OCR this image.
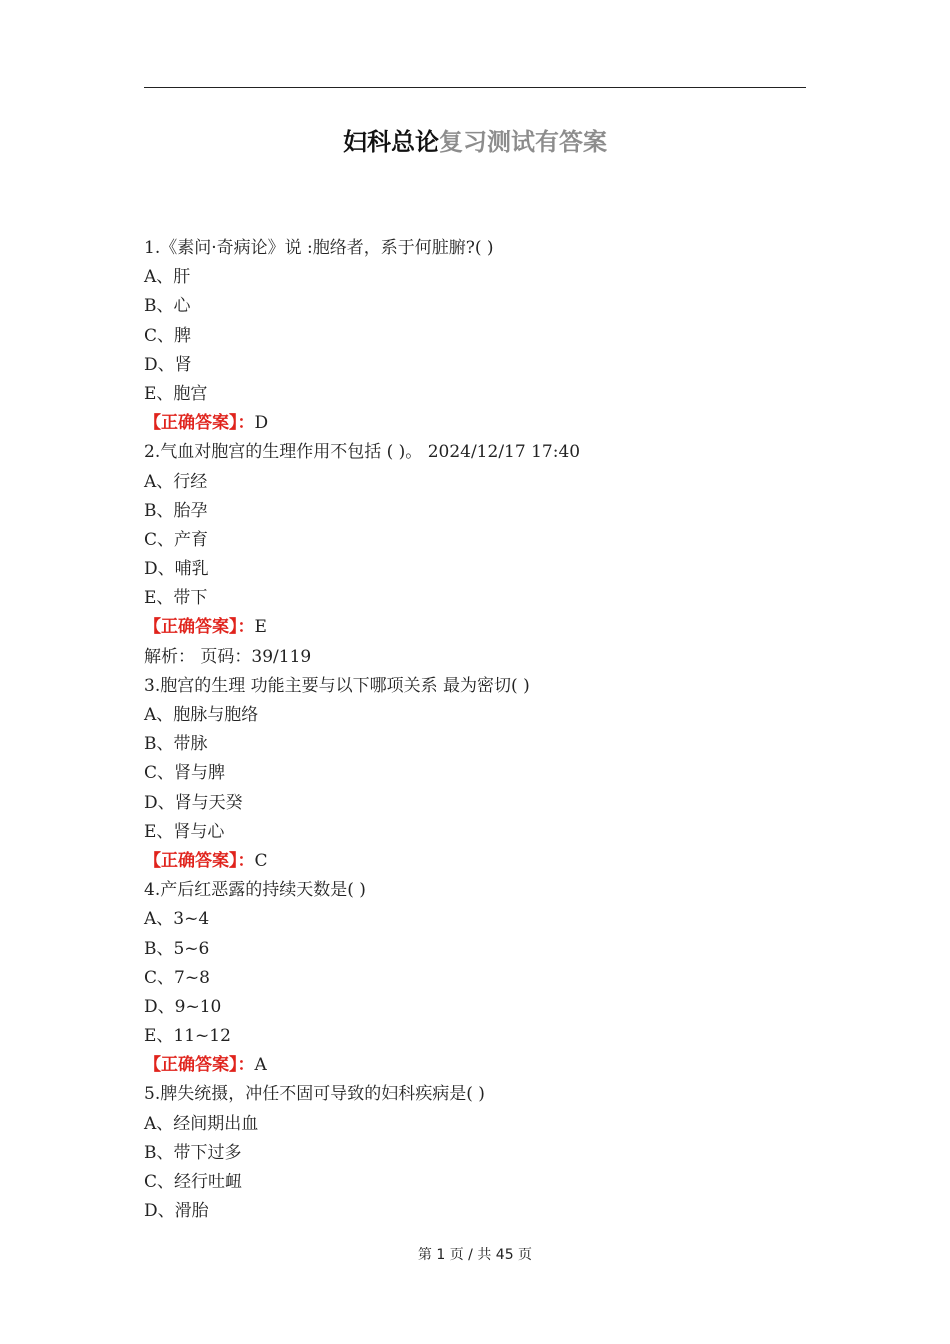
妇科总论复习测试有答案
1.《素问·奇病论》说 :胞络者，系于何脏腑?( )
A、肝
B、心
C、脾
D、肾
E、胞宫
【正确答案】：D
2.气血对胞宫的生理作用不包括 ( )。 2024/12/17 17:40
A、行经
B、胎孕
C、产育
D、哺乳
E、带下
【正确答案】：E
解析： 页码：39/119
3.胞宫的生理 功能主要与以下哪项关系 最为密切( )
A、胞脉与胞络
B、带脉
C、肾与脾
D、肾与天癸
E、肾与心
【正确答案】：C
4.产后红恶露的持续天数是( )
A、3~4
B、5~6
C、7~8
D、9~10
E、11~12
【正确答案】：A
5.脾失统摄，冲任不固可导致的妇科疾病是( )
A、经间期出血
B、带下过多
C、经行吐衄
D、滑胎
第 1 页 / 共 45 页
